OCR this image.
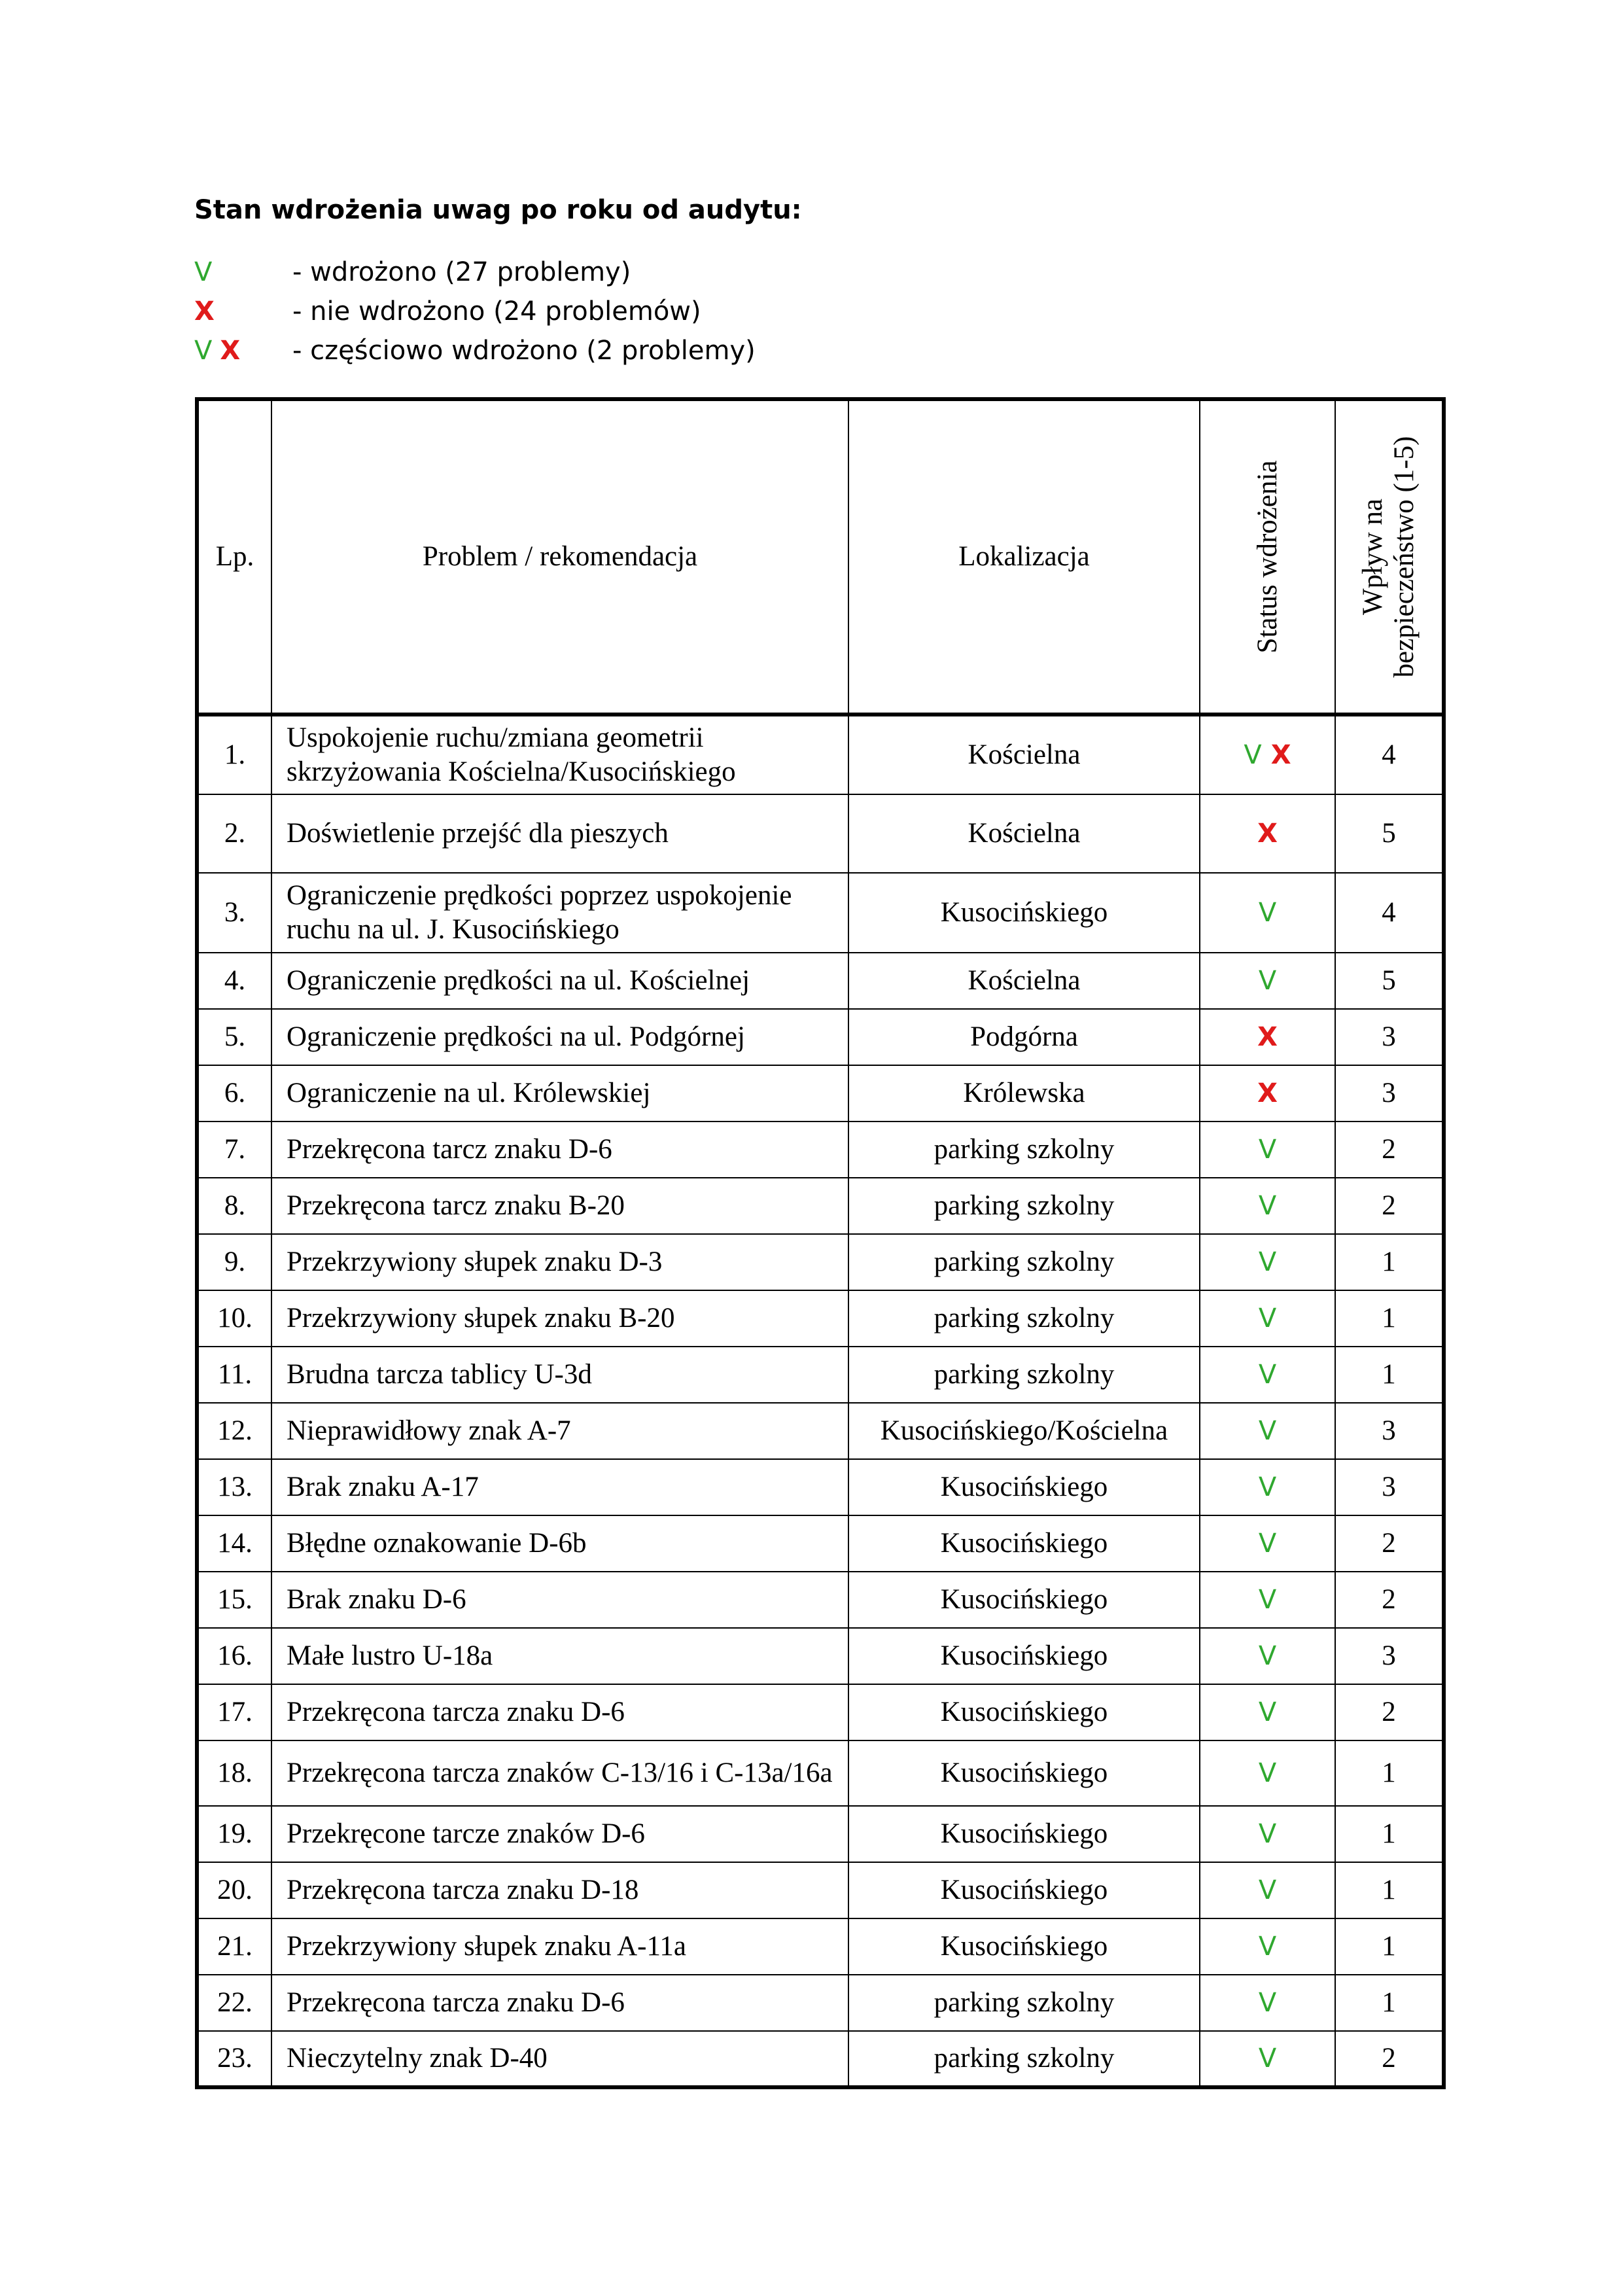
Stan wdrożenia uwag po roku od audytu:
V	- wdrożono (27 problemy)
X	- nie wdrożono (24 problemów)
V X - częściowo wdrożono (2 problemy)
Lp.	Problem / rekomendacja	Lokalizacja	Status wdrożenia	Wpływ na bezpieczeństwo (1-5)

1.	Uspokojenie ruchu/zmiana geometrii skrzyżowania Kościelna/Kusocińskiego	Kościelna	V X	4
2.	Doświetlenie przejść dla pieszych	Kościelna	X	5
3.	Ograniczenie prędkości poprzez uspokojenie ruchu na ul. J. Kusocińskiego	Kusocińskiego	V	4
4.	Ograniczenie prędkości na ul. Kościelnej	Kościelna	V	5
5.	Ograniczenie prędkości na ul. Podgórnej	Podgórna	X	3
6.	Ograniczenie na ul. Królewskiej	Królewska	X	3
7.	Przekręcona tarcz znaku D-6	parking szkolny	V	2
8.	Przekręcona tarcz znaku B-20	parking szkolny	V	2
9.	Przekrzywiony słupek znaku D-3	parking szkolny	V	1
10.	Przekrzywiony słupek znaku B-20	parking szkolny	V	1
11.	Brudna tarcza tablicy U-3d	parking szkolny	V	1
12.	Nieprawidłowy znak A-7	Kusocińskiego/Kościelna	V	3
13.	Brak znaku A-17	Kusocińskiego	V	3
14.	Błędne oznakowanie D-6b	Kusocińskiego	V	2
15.	Brak znaku D-6	Kusocińskiego	V	2
16.	Małe lustro U-18a	Kusocińskiego	V	3
17.	Przekręcona tarcza znaku D-6	Kusocińskiego	V	2
18.	Przekręcona tarcza znaków C-13/16 i C-13a/16a	Kusocińskiego	V	1
19.	Przekręcone tarcze znaków D-6	Kusocińskiego	V	1
20.	Przekręcona tarcza znaku D-18	Kusocińskiego	V	1
21.	Przekrzywiony słupek znaku A-11a	Kusocińskiego	V	1
22.	Przekręcona tarcza znaku D-6	parking szkolny	V	1
23.	Nieczytelny znak D-40	parking szkolny	V	2
